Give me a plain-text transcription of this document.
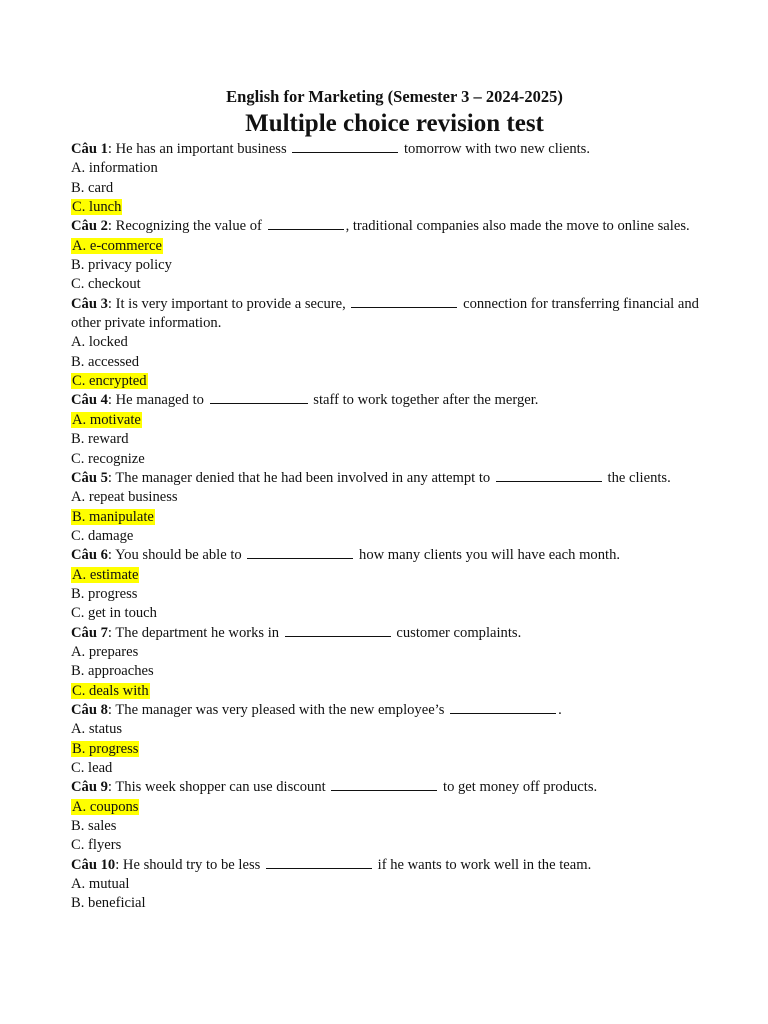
English for Marketing (Semester 3 – 2024-2025)

Multiple choice revision test

Câu 1: He has an important business	tomorrow with two new clients.

A. information

B. card

C. lunch

Câu 2: Recognizing the value of	, traditional companies also made the move to online sales.

A. e-commerce

B. privacy policy

C. checkout

Câu 3: It is very important to provide a secure,	connection for transferring financial and other private information.

A. locked

B. accessed

C. encrypted

Câu 4: He managed to	staff to work together after the merger.

A. motivate

B. reward

C. recognize

Câu 5: The manager denied that he had been involved in any attempt to	the clients.

A. repeat business

B. manipulate

C. damage

Câu 6: You should be able to	how many clients you will have each month.

A. estimate

B. progress

C. get in touch

Câu 7: The department he works in	customer complaints.

A. prepares

B. approaches

C. deals with

Câu 8: The manager was very pleased with the new employee’s	.

A. status

B. progress

C. lead

Câu 9: This week shopper can use discount	to get money off products.

A. coupons

B. sales

C. flyers

Câu 10: He should try to be less	if he wants to work well in the team.

A. mutual

B. beneficial
